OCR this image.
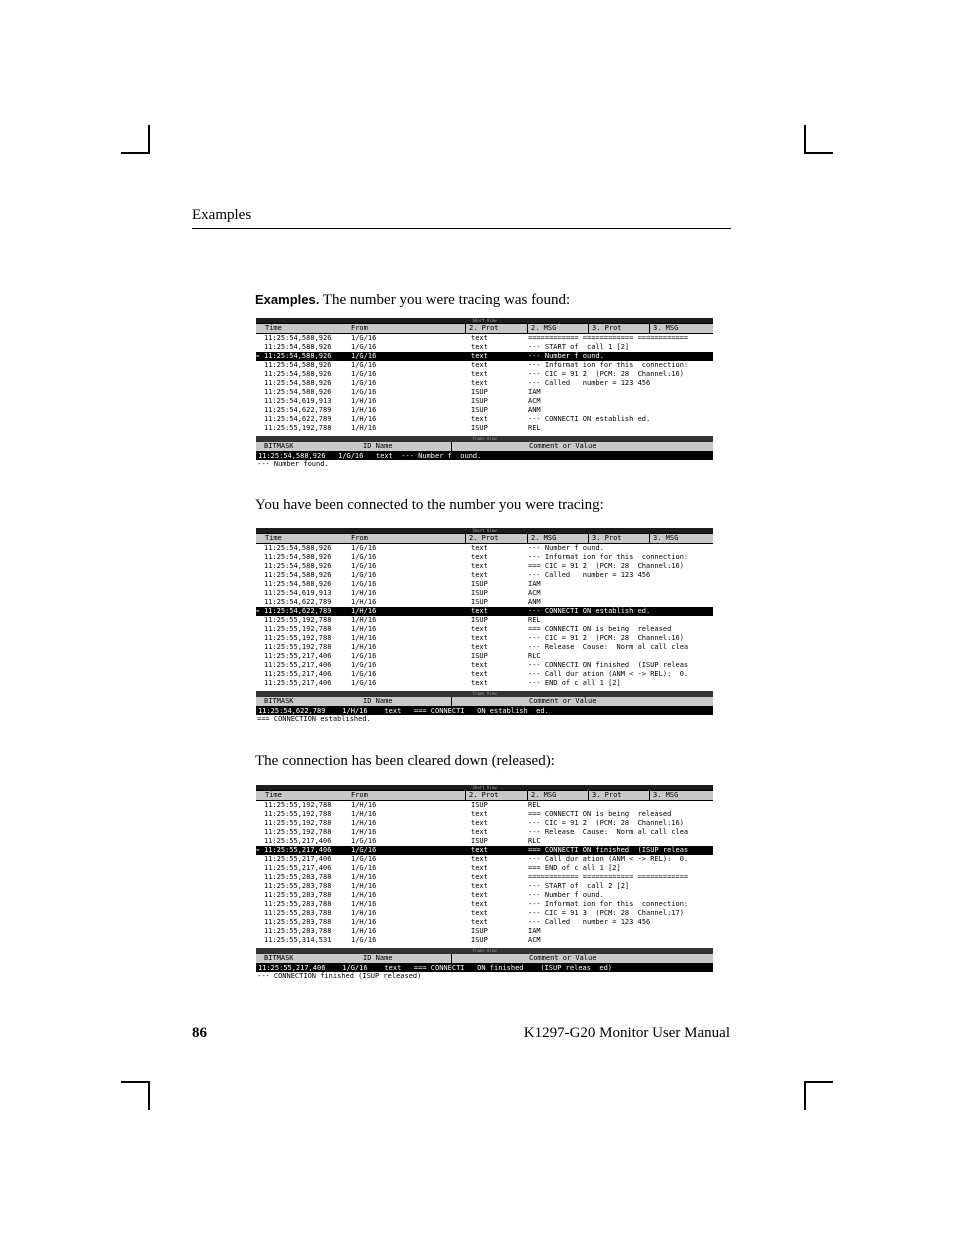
Examples
Examples. The number you were tracing was found:
You have been connected to the number you were tracing:
The connection has been cleared down (released):
Short View
Time	From	2. Prot	2. MSG	3. Prot	3. MSG
11:25:54,588,926	1/G/16	text	============ ============ ============
11:25:54,588,926	1/G/16	text	--- START of  call 1 [2]
⇒ 11:25:54,588,926	1/G/16	text	--- Number f ound.
11:25:54,588,926	1/G/16	text	--- Informat ion for this  connection:
11:25:54,588,926	1/G/16	text	--- CIC = 91 2  (PCM: 28  Channel:16)
11:25:54,588,926	1/G/16	text	--- Called   number = 123 456
11:25:54,588,926	1/G/16	ISUP	IAM
11:25:54,619,913	1/H/16	ISUP	ACM
11:25:54,622,789	1/H/16	ISUP	ANM
11:25:54,622,789	1/H/16	text	--- CONNECTI ON establish ed.
11:25:55,192,788	1/H/16	ISUP	REL
Frame View
BITMASK	ID Name	Comment or Value
11:25:54,588,926   1/G/16   text  --- Number f  ound.
--- Number found.
Short View
Time	From	2. Prot	2. MSG	3. Prot	3. MSG
11:25:54,588,926	1/G/16	text	--- Number f ound.
11:25:54,588,926	1/G/16	text	--- Informat ion for this  connection:
11:25:54,588,926	1/G/16	text	=== CIC = 91 2  (PCM: 28  Channel:16)
11:25:54,588,926	1/G/16	text	--- Called   number = 123 456
11:25:54,588,926	1/G/16	ISUP	IAM
11:25:54,619,913	1/H/16	ISUP	ACM
11:25:54,622,789	1/H/16	ISUP	ANM
⇒ 11:25:54,622,789	1/H/16	text	--- CONNECTI ON establish ed.
11:25:55,192,788	1/H/16	ISUP	REL
11:25:55,192,788	1/H/16	text	=== CONNECTI ON is being  released
11:25:55,192,788	1/H/16	text	--- CIC = 91 2  (PCM: 28  Channel:16)
11:25:55,192,788	1/H/16	text	--- Release  Cause:  Norm al call clea
11:25:55,217,406	1/G/16	ISUP	RLC
11:25:55,217,406	1/G/16	text	--- CONNECTI ON finished  (ISUP releas
11:25:55,217,406	1/G/16	text	--- Call dur ation (ANM < -> REL):  0.
11:25:55,217,406	1/G/16	text	--- END of c all 1 [2]
Frame View
BITMASK	ID Name	Comment or Value
11:25:54,622,789    1/H/16    text   === CONNECTI   ON establish  ed.
=== CONNECTION established.
Short View
Time	From	2. Prot	2. MSG	3. Prot	3. MSG
11:25:55,192,788	1/H/16	ISUP	REL
11:25:55,192,788	1/H/16	text	=== CONNECTI ON is being  released
11:25:55,192,788	1/H/16	text	--- CIC = 91 2  (PCM: 28  Channel:16)
11:25:55,192,788	1/H/16	text	--- Release  Cause:  Norm al call clea
11:25:55,217,406	1/G/16	ISUP	RLC
⇒ 11:25:55,217,406	1/G/16	text	=== CONNECTI ON finished  (ISUP releas
11:25:55,217,406	1/G/16	text	--- Call dur ation (ANM < -> REL):  0.
11:25:55,217,406	1/G/16	text	=== END of c all 1 [2]
11:25:55,283,788	1/H/16	text	============ ============ ============
11:25:55,283,788	1/H/16	text	--- START of  call 2 [2]
11:25:55,283,788	1/H/16	text	--- Number f ound.
11:25:55,283,788	1/H/16	text	--- Informat ion for this  connection:
11:25:55,283,788	1/H/16	text	--- CIC = 91 3  (PCM: 28  Channel:17)
11:25:55,283,788	1/H/16	text	--- Called   number = 123 456
11:25:55,283,788	1/H/16	ISUP	IAM
11:25:55,314,531	1/G/16	ISUP	ACM
Frame View
BITMASK	ID Name	Comment or Value
11:25:55,217,406    1/G/16    text   === CONNECTI   ON finished    (ISUP releas  ed)
--- CONNECTION finished (ISUP released)
86	K1297-G20 Monitor User Manual
